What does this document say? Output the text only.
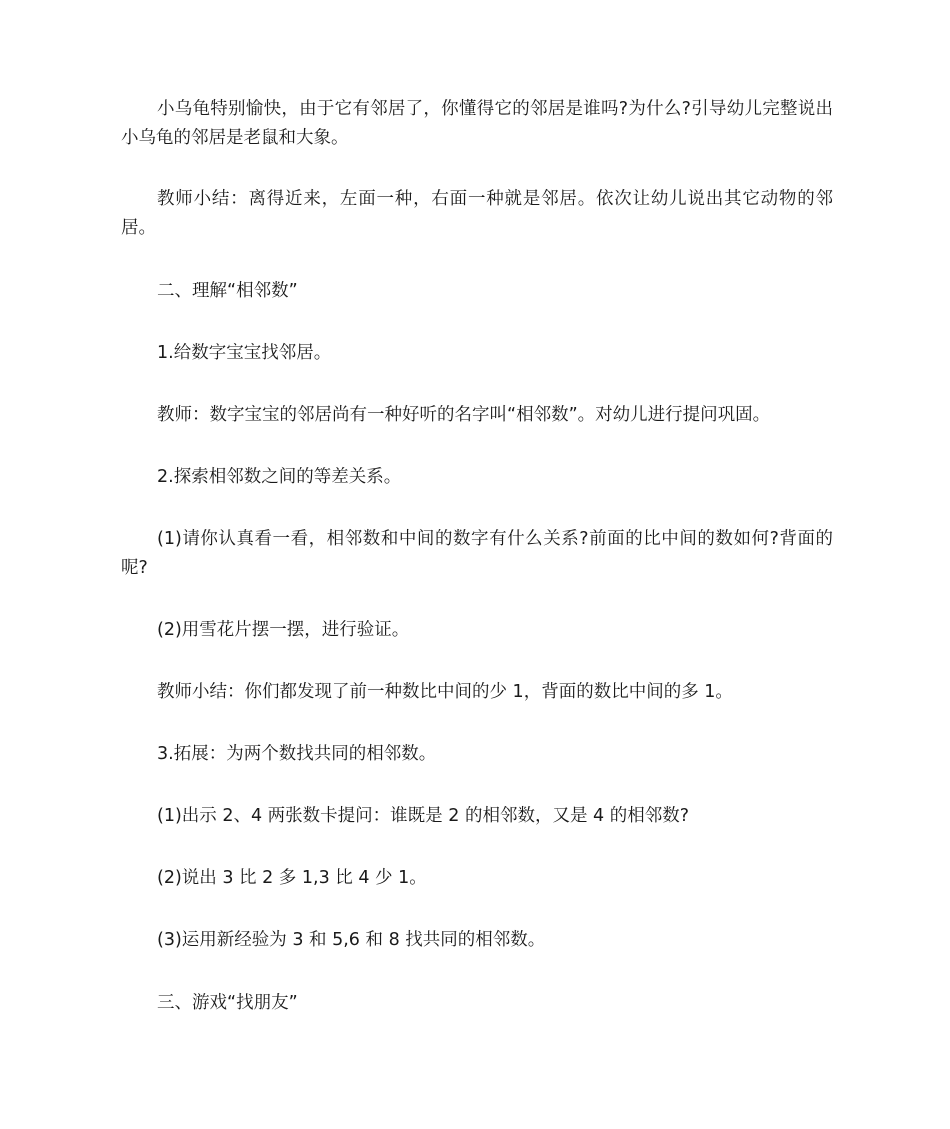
小乌龟特别愉快，由于它有邻居了，你懂得它的邻居是谁吗?为什么?引导幼儿完整说出小乌龟的邻居是老鼠和大象。

教师小结：离得近来，左面一种，右面一种就是邻居。依次让幼儿说出其它动物的邻居。

二、理解“相邻数”

1.给数字宝宝找邻居。

教师：数字宝宝的邻居尚有一种好听的名字叫“相邻数”。对幼儿进行提问巩固。

2.探索相邻数之间的等差关系。

(1)请你认真看一看，相邻数和中间的数字有什么关系?前面的比中间的数如何?背面的呢?

(2)用雪花片摆一摆，进行验证。

教师小结：你们都发现了前一种数比中间的少 1，背面的数比中间的多 1。

3.拓展：为两个数找共同的相邻数。

(1)出示 2、4 两张数卡提问：谁既是 2 的相邻数，又是 4 的相邻数?

(2)说出 3 比 2 多 1,3 比 4 少 1。

(3)运用新经验为 3 和 5,6 和 8 找共同的相邻数。

三、游戏“找朋友”
